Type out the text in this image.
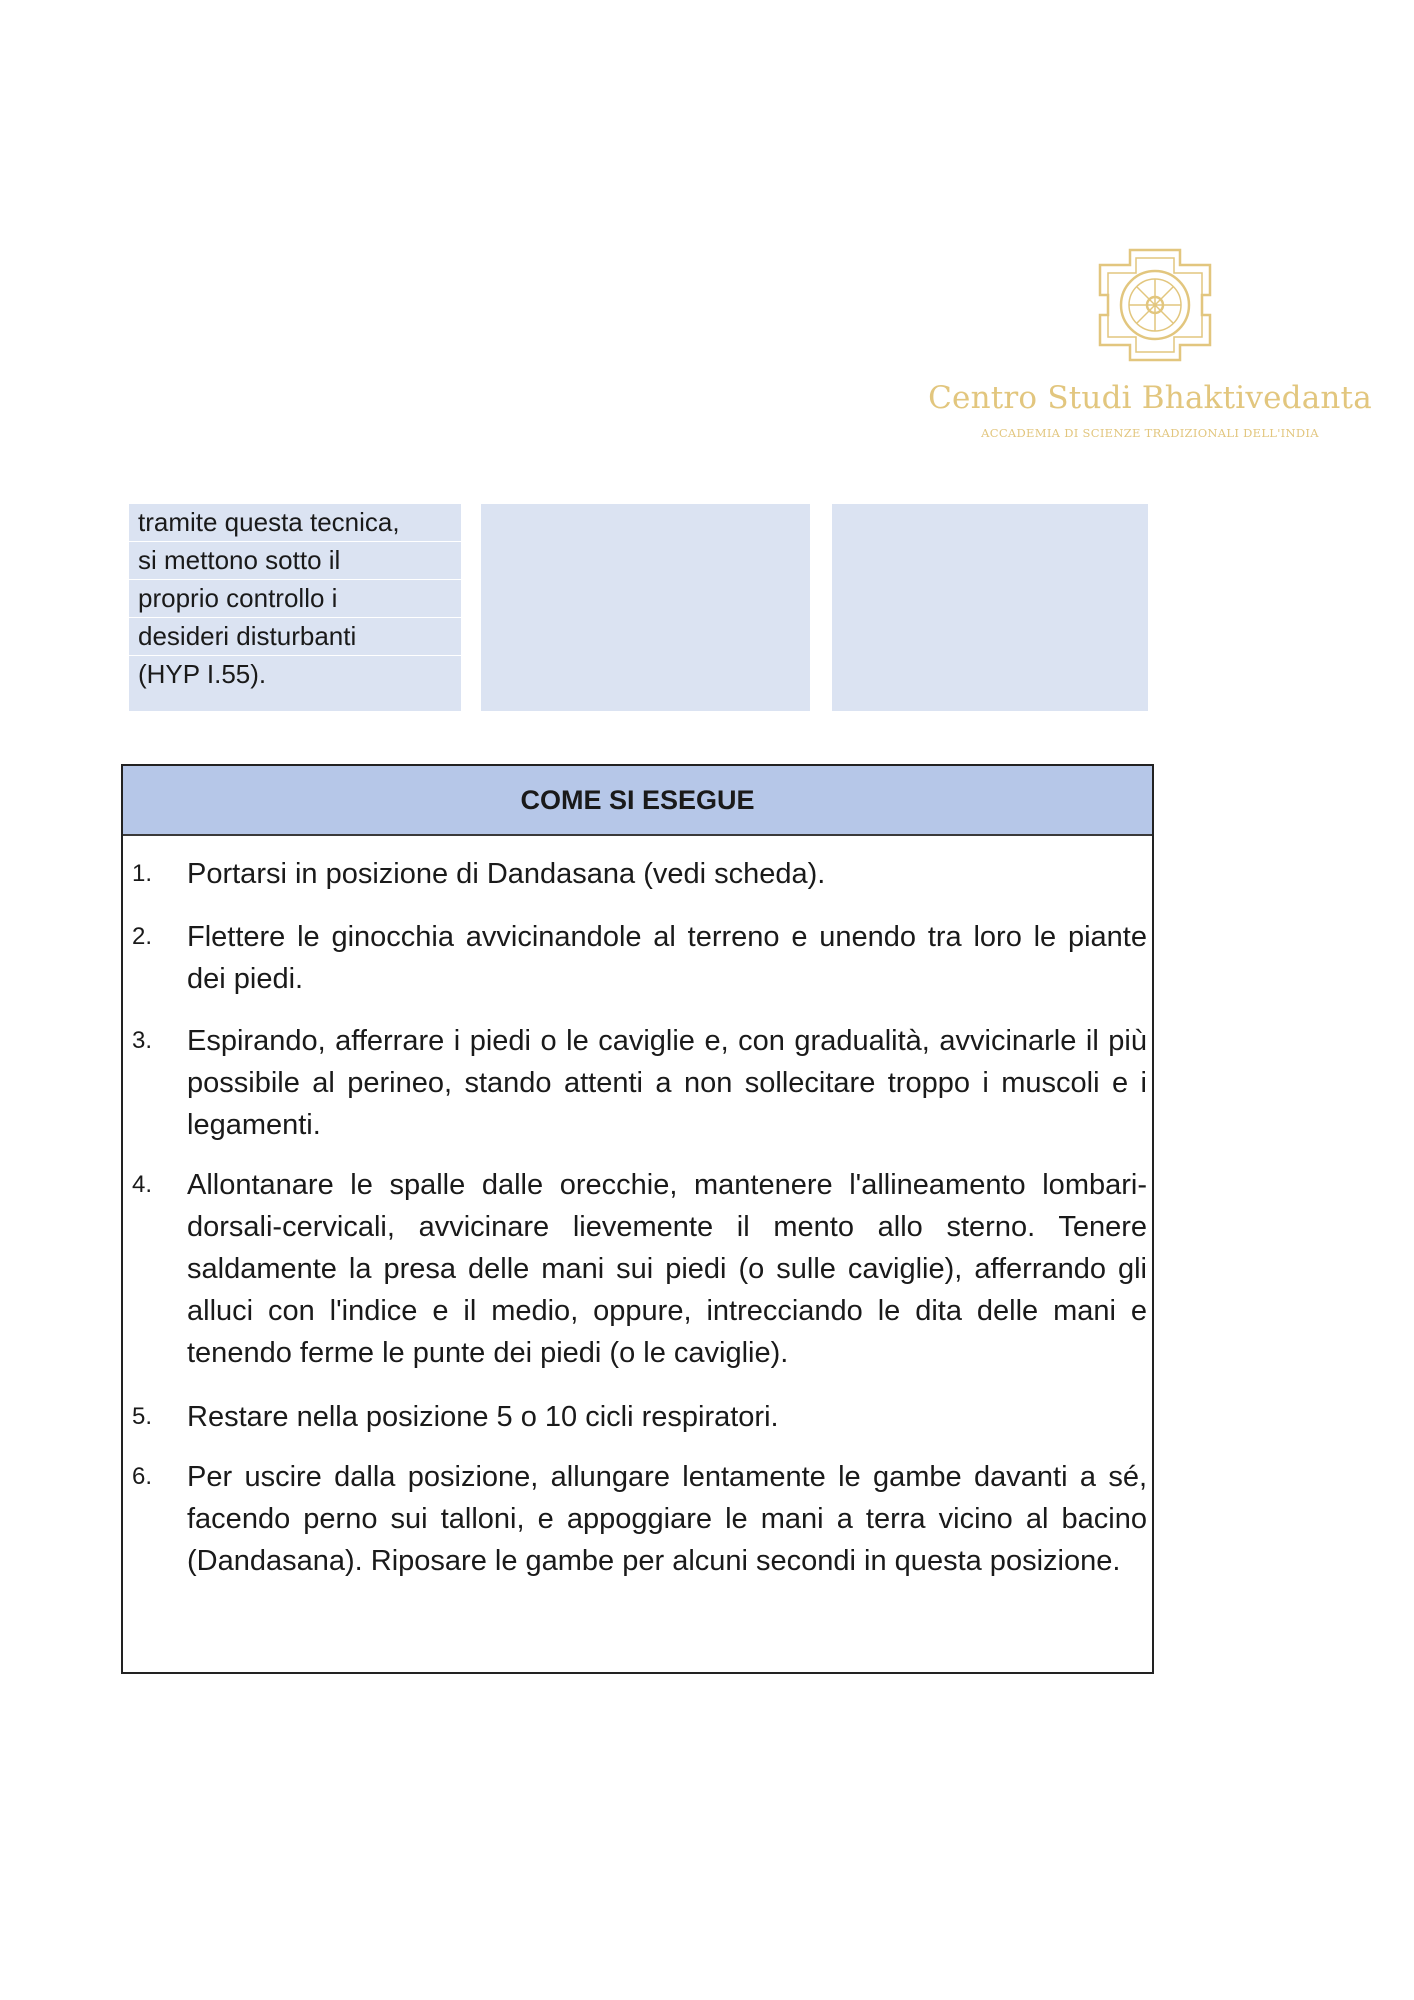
Centro Studi Bhaktivedanta
ACCADEMIA DI SCIENZE TRADIZIONALI DELL'INDIA
tramite questa tecnica,
si mettono sotto il
proprio controllo i
desideri disturbanti
(HYP I.55).
COME SI ESEGUE
1.	Portarsi in posizione di Dandasana (vedi scheda).
2.	Flettere le ginocchia avvicinandole al terreno e unendo tra loro le piante dei piedi.
3.	Espirando, afferrare i piedi o le caviglie e, con gradualità, avvicinarle il più possibile al perineo, stando attenti a non sollecitare troppo i muscoli e i legamenti.
4.	Allontanare le spalle dalle orecchie, mantenere l'allineamento lombari-dorsali-cervicali, avvicinare lievemente il mento allo sterno. Tenere saldamente la presa delle mani sui piedi (o sulle caviglie), afferrando gli alluci con l'indice e il medio, oppure, intrecciando le dita delle mani e tenendo ferme le punte dei piedi (o le caviglie).
5.	Restare nella posizione 5 o 10 cicli respiratori.
6.	Per uscire dalla posizione, allungare lentamente le gambe davanti a sé, facendo perno sui talloni, e appoggiare le mani a terra vicino al bacino (Dandasana). Riposare le gambe per alcuni secondi in questa posizione.
